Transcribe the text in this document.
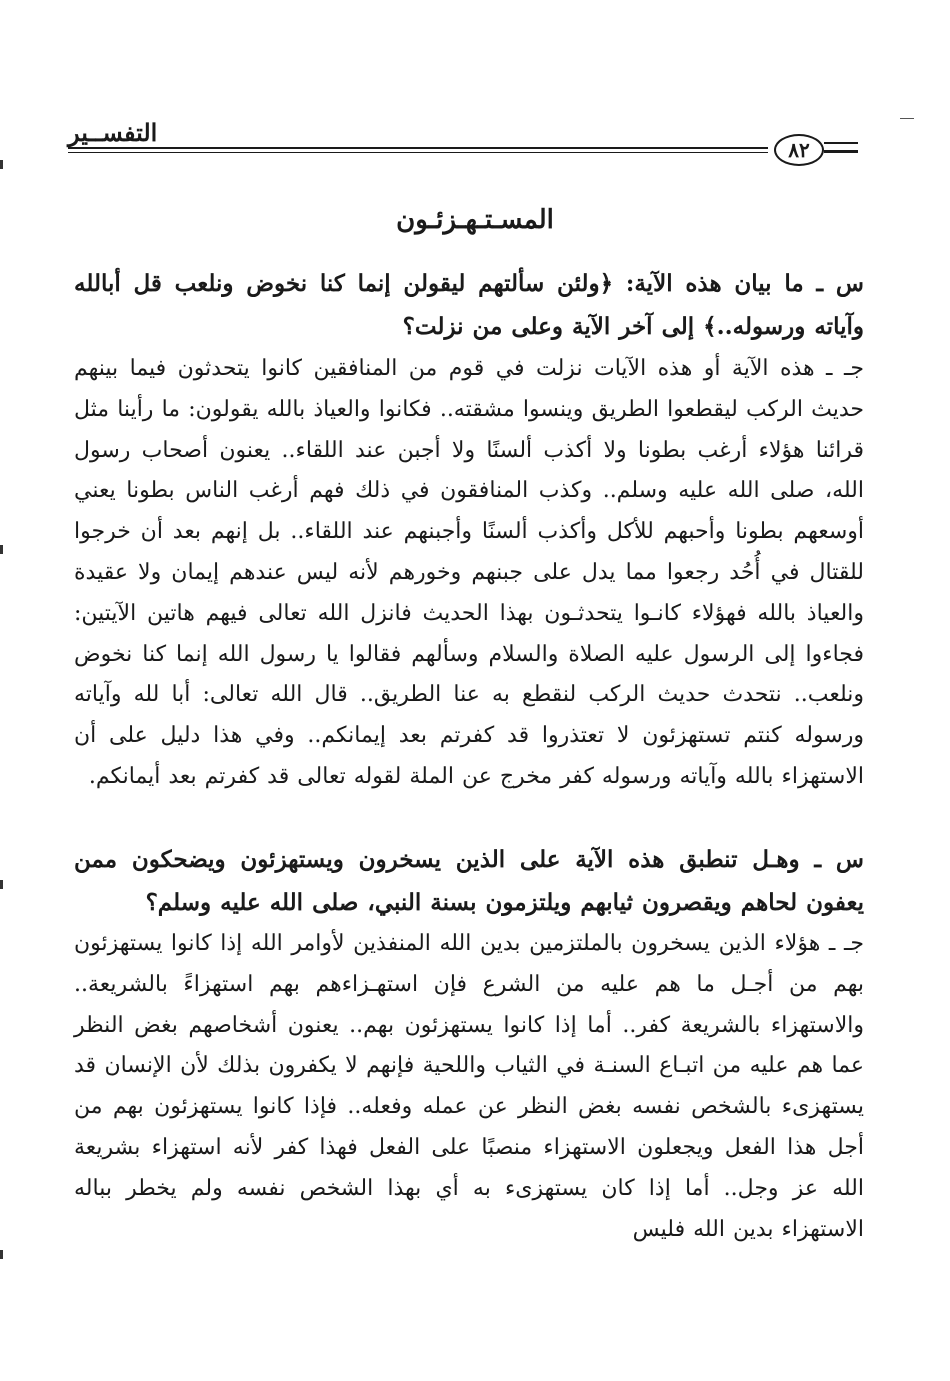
التفســير
٨٢
المسـتـهـزئـون
س ـ ما بيان هذه الآية: ﴿ولئن سألتهم ليقولن إنما كنا نخوض ونلعب قل أبالله وآياته ورسوله..﴾ إلى آخر الآية وعلى من نزلت؟
جـ ـ هذه الآية أو هذه الآيات نزلت في قوم من المنافقين كانوا يتحدثون فيما بينهم حديث الركب ليقطعوا الطريق وينسوا مشقته.. فكانوا والعياذ بالله يقولون: ما رأينا مثل قرائنا هؤلاء أرغب بطونا ولا أكذب ألسنًا ولا أجبن عند اللقاء.. يعنون أصحاب رسول الله، صلى الله عليه وسلم.. وكذب المنافقون في ذلك فهم أرغب الناس بطونا يعني أوسعهم بطونا وأحبهم للأكل وأكذب ألسنًا وأجبنهم عند اللقاء.. بل إنهم بعد أن خرجوا للقتال في أُحُد رجعوا مما يدل على جبنهم وخورهم لأنه ليس عندهم إيمان ولا عقيدة والعياذ بالله فهؤلاء كانـوا يتحدثـون بهذا الحديث فانزل الله تعالى فيهم هاتين الآيتين: فجاءوا إلى الرسول عليه الصلاة والسلام وسألهم فقالوا يا رسول الله إنما كنا نخوض ونلعب.. نتحدث حديث الركب لنقطع به عنا الطريق.. قال الله تعالى: أبا لله وآياته ورسوله كنتم تستهزئون لا تعتذروا قد كفرتم بعد إيمانكم.. وفي هذا دليل على أن الاستهزاء بالله وآياته ورسوله كفر مخرج عن الملة لقوله تعالى قد كفرتم بعد أيمانكم.
س ـ وهـل تنطبق هذه الآية على الذين يسخرون ويستهزئون ويضحكون ممن يعفون لحاهم ويقصرون ثيابهم ويلتزمون بسنة النبي، صلى الله عليه وسلم؟
جـ ـ هؤلاء الذين يسخرون بالملتزمين بدين الله المنفذين لأوامر الله إذا كانوا يستهزئون بهم من أجـل ما هم عليه من الشرع فإن استهـزاءهم بهم استهزاءً بالشريعة.. والاستهزاء بالشريعة كفر.. أما إذا كانوا يستهزئون بهم.. يعنون أشخاصهم بغض النظر عما هم عليه من اتبـاع السنـة في الثياب واللحية فإنهم لا يكفرون بذلك لأن الإنسان قد يستهزىء بالشخص نفسه بغض النظر عن عمله وفعله.. فإذا كانوا يستهزئون بهم من أجل هذا الفعل ويجعلون الاستهزاء منصبًا على الفعل فهذا كفر لأنه استهزاء بشريعة الله عز وجل.. أما إذا كان يستهزىء به أي بهذا الشخص نفسه ولم يخطر بباله الاستهزاء بدين الله فليس
